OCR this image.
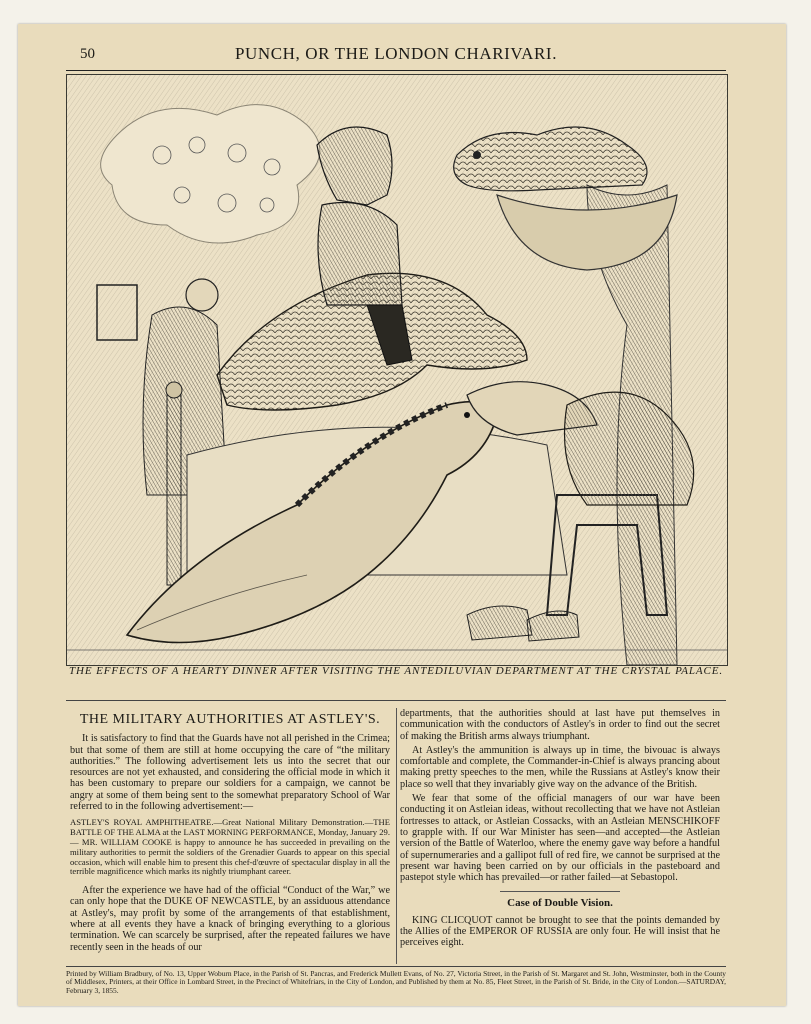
50	PUNCH, OR THE LONDON CHARIVARI.
THE EFFECTS OF A HEARTY DINNER AFTER VISITING THE ANTEDILUVIAN DEPARTMENT AT THE CRYSTAL PALACE.
THE MILITARY AUTHORITIES AT ASTLEY'S.

It is satisfactory to find that the Guards have not all perished in the Crimea; but that some of them are still at home occupying the care of “the military authorities.” The following advertisement lets us into the secret that our resources are not yet exhausted, and considering the official mode in which it has been customary to prepare our soldiers for a campaign, we cannot be angry at some of them being sent to the somewhat preparatory School of War referred to in the following advertisement:—

ASTLEY'S ROYAL AMPHITHEATRE.—Great National Military Demonstration.—THE BATTLE OF THE ALMA at the LAST MORNING PERFORMANCE, Monday, January 29.— MR. WILLIAM COOKE is happy to announce he has succeeded in prevailing on the military authorities to permit the soldiers of the Grenadier Guards to appear on this special occasion, which will enable him to present this chef-d'œuvre of spectacular display in all the terrible magnificence which marks its nightly triumphant career.

After the experience we have had of the official “Conduct of the War,” we can only hope that the DUKE OF NEWCASTLE, by an assiduous attendance at Astley's, may profit by some of the arrangements of that establishment, where at all events they have a knack of bringing everything to a glorious termination. We can scarcely be surprised, after the repeated failures we have recently seen in the heads of our

departments, that the authorities should at last have put themselves in communication with the conductors of Astley's in order to find out the secret of making the British arms always triumphant.

At Astley's the ammunition is always up in time, the bivouac is always comfortable and complete, the Commander-in-Chief is always prancing about making pretty speeches to the men, while the Russians at Astley's know their place so well that they invariably give way on the advance of the British.

We fear that some of the official managers of our war have been conducting it on Astleian ideas, without recollecting that we have not Astleian fortresses to attack, or Astleian Cossacks, with an Astleian MENSCHIKOFF to grapple with. If our War Minister has seen—and accepted—the Astleian version of the Battle of Waterloo, where the enemy gave way before a handful of supernumeraries and a gallipot full of red fire, we cannot be surprised at the present war having been carried on by our officials in the pasteboard and pastepot style which has prevailed—or rather failed—at Sebastopol.

Case of Double Vision.

KING CLICQUOT cannot be brought to see that the points demanded by the Allies of the EMPEROR OF RUSSIA are only four. He will insist that he perceives eight.

Printed by William Bradbury, of No. 13, Upper Woburn Place, in the Parish of St. Pancras, and Frederick Mullett Evans, of No. 27, Victoria Street, in the Parish of St. Margaret and St. John, Westminster, both in the County of Middlesex, Printers, at their Office in Lombard Street, in the Precinct of Whitefriars, in the City of London, and Published by them at No. 85, Fleet Street, in the Parish of St. Bride, in the City of London.—SATURDAY, February 3, 1855.
